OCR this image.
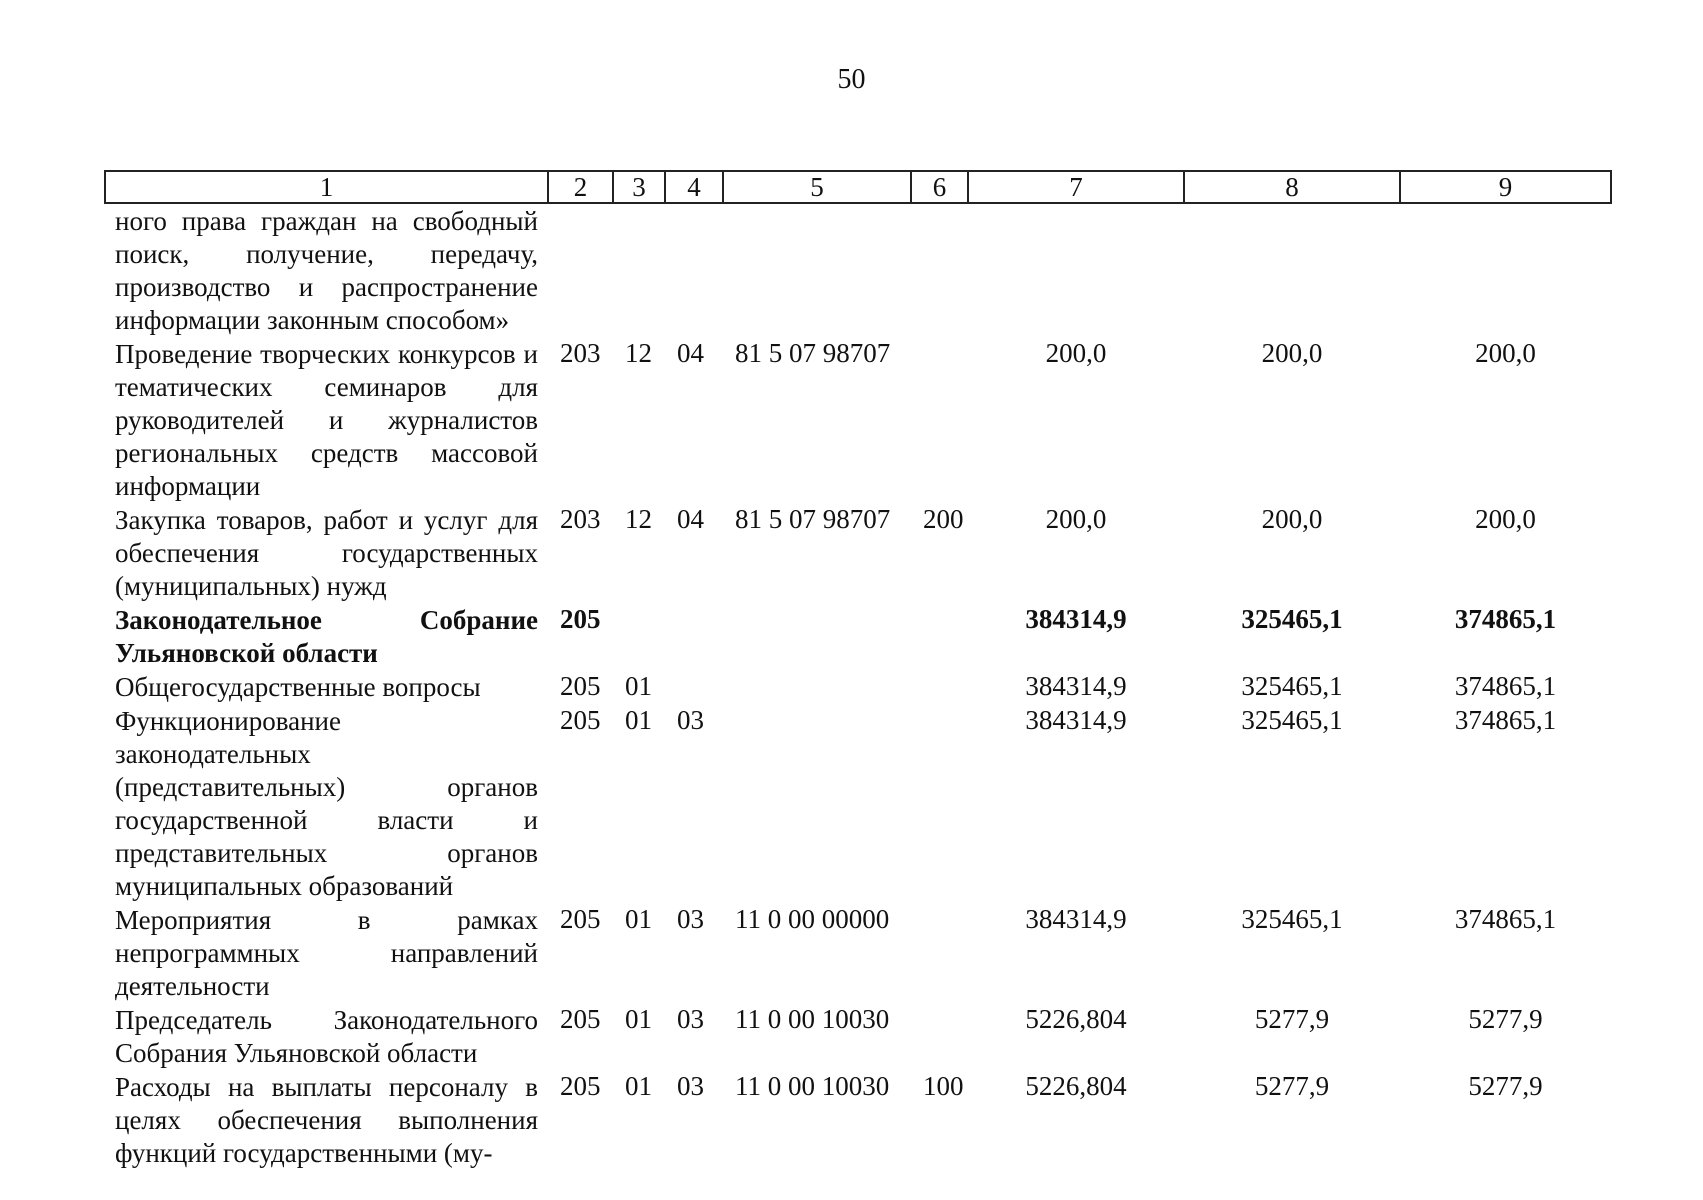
50
1	2	3	4	5	6	7	8	9
ного права граждан на свободный поиск, получение, передачу, производство и распространение информации законным способом»								
Проведение творческих конкурсов и тематических семинаров для руководителей и журналистов региональных средств массовой информации	203	12	04	81 5 07 98707		200,0	200,0	200,0
Закупка товаров, работ и услуг для обеспечения государственных (муниципальных) нужд	203	12	04	81 5 07 98707	200	200,0	200,0	200,0
Законодательное Собрание Ульяновской области	205					384314,9	325465,1	374865,1
Общегосударственные вопросы	205	01				384314,9	325465,1	374865,1
Функционирование законодательных (представительных) органов государственной власти и представительных органов муниципальных образований	205	01	03			384314,9	325465,1	374865,1
Мероприятия в рамках непрограммных направлений деятельности	205	01	03	11 0 00 00000		384314,9	325465,1	374865,1
Председатель Законодательного Собрания Ульяновской области	205	01	03	11 0 00 10030		5226,804	5277,9	5277,9
Расходы на выплаты персоналу в целях обеспечения выполнения функций государственными (му-	205	01	03	11 0 00 10030	100	5226,804	5277,9	5277,9
